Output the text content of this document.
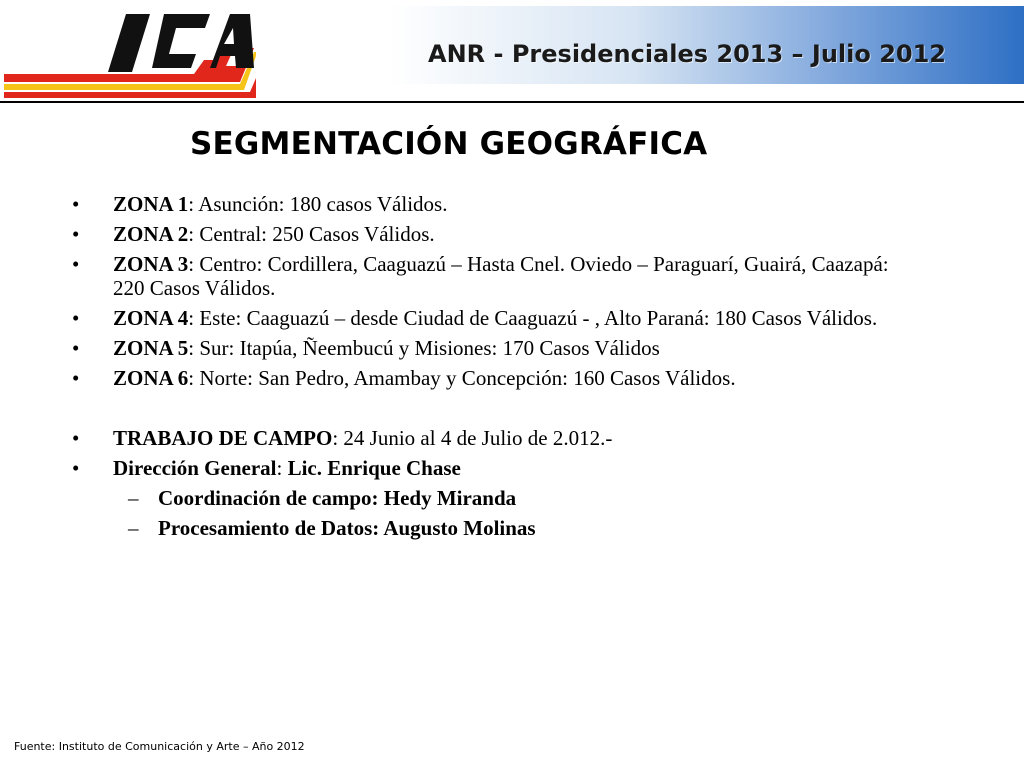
ANR - Presidenciales 2013 – Julio 2012
SEGMENTACIÓN GEOGRÁFICA
•	ZONA 1: Asunción: 180 casos Válidos.
•	ZONA 2: Central: 250 Casos Válidos.
•	ZONA 3: Centro: Cordillera, Caaguazú – Hasta Cnel. Oviedo – Paraguarí, Guairá, Caazapá: 220 Casos Válidos.
•	ZONA 4: Este: Caaguazú – desde Ciudad de Caaguazú - , Alto Paraná: 180 Casos Válidos.
•	ZONA 5: Sur: Itapúa, Ñeembucú y Misiones: 170 Casos Válidos
•	ZONA 6: Norte: San Pedro, Amambay y Concepción: 160 Casos Válidos.
•	TRABAJO DE CAMPO: 24 Junio al 4 de Julio de 2.012.-
•	Dirección General: Lic. Enrique Chase
– Coordinación de campo: Hedy Miranda
– Procesamiento de Datos: Augusto Molinas
Fuente: Instituto de Comunicación y Arte – Año 2012
